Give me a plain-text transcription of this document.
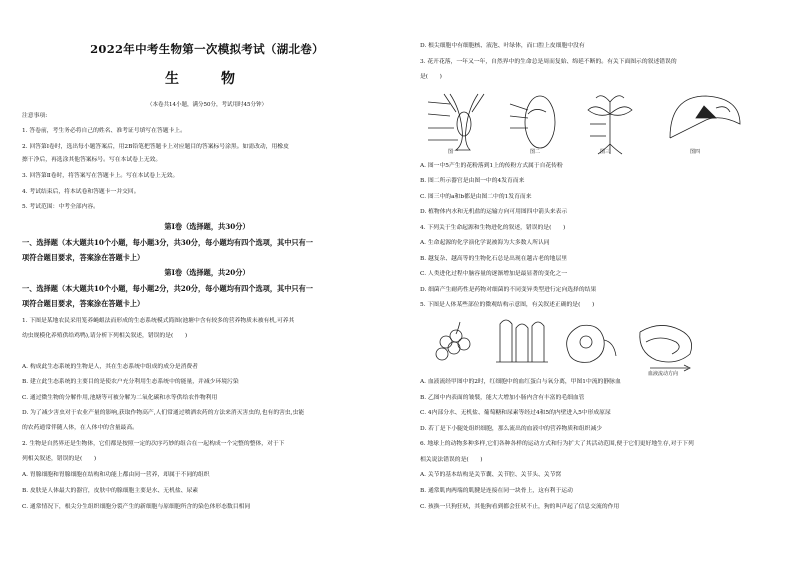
2022年中考生物第一次模拟考试（湖北卷）
生　物
（本卷共14小题，满分50分，考试用时45分钟）
注意事项:
1. 答卷前，考生务必将自己的姓名、准考证号填写在答题卡上。
2. 回答第Ⅰ卷时，选出每小题答案后，用2B铅笔把答题卡上对应题目的答案标号涂黑。如需改动，用橡皮
擦干净后，再选涂其他答案标号。写在本试卷上无效。
3. 回答第Ⅱ卷时，将答案写在答题卡上。写在本试卷上无效。
4. 考试结束后，将本试卷和答题卡一并交回。
5. 考试范围：中考全部内容。
第Ⅰ卷（选择题，共30分）
一、选择题（本大题共10个小题，每小题3分，共30分，每小题均有四个选项，其中只有一
项符合题目要求，答案涂在答题卡上）
第Ⅰ卷（选择题，共20分）
一、选择题（本大题共10个小题，每小题2分，共20分，每小题均有四个选项，其中只有一
项符合题目要求，答案涂在答题卡上）
1. 下图是某地农民采用笼养蝇蛆法而形成的生态系统模式简图(池塘中含有较多的营养物质未被有机,可养其
幼虫规模化养殖供给鸡鸭),请分析下列相关叙述，错误的是(　　)
A. 构成此生态系统的生物是人，其在生态系统中组成的成分是消费者
B. 建立此生态系统的主要目的是使农户充分利用生态系统中的能量，并减少环境污染
C. 通过微生物的分解作用,池塘等可被分解为二氧化碳和水等供给农作物利用
D. 为了减少害虫对于农业产量的影响,获取作物高产,人们常通过喷洒农药的方法来消灭害虫的,也有的害虫,虫能
的农药通常伴随人体，在人体中的含量最高。
2. 生物是自然界还是生物体，它们都是按照一定的次序巧妙的组合在一起构成一个完整的整体，对于下
列相关叙述，错误的是(　　)
A. 胃腺细胞和胃腺细胞在结构和功能上都由同一营养，却属于不同的组织
B. 皮肤是人体最大的器官，皮肤中的腺细胞主要是水、无机盐、尿素
C. 通常情况下，根尖分生组织细胞分裂产生的新细胞与原细胞所含的染色体形态数目相同
D. 根尖细胞中有细胞核、液泡、叶绿体，而口腔上皮细胞中没有
3. 花开花落，一年又一年，自然界中的生命总是周而复始、绵延不断的。有关下面图示的叙述错误的
是(　　)
图一	图二	图三	图四
A. 图一中5产生的花粉落到1上的传粉方式属于自花传粉
B. 图二所示器官是由图一中的4发育而来
C. 图三中的a和b都是由图二中的1发育而来
D. 植物体内水和无机盐的运输方向可用图四中箭头来表示
4. 下列关于生命起源和生物进化的叙述，错误的是(　　)
A. 生命起源的化学演化学说被海为大多数人所认同
B. 越复杂、越高等的生物化石总是出现在越古老的地层里
C. 人类进化过程中脑容量的逐渐增加是最显著的变化之一
D. 细菌产生耐药性是药物对细菌的不同变异类型进行定向选择的结果
5. 下图是人体某些部位的微观结构示意图，有关叙述正确的是(　　)
血液流动方向
A. 血液流经甲图中的2时，红细胞中的血红蛋白与氧分离，甲图1中流的静脉血
B. 乙图中内表面的皱襞，能大大增加小肠内含有丰富的毛细血管
C. 4内部分水、无机盐、葡萄糖和尿素等经过4和5的内壁进入5中形成原尿
D. 若丁是下小腿处组织细胞，那么流出的血液中的营养物质和组织减少
6. 地球上的动物多种多样,它们各种各样的运动方式和行为扩大了其活动范围,便于它们更好地生存,对于下列
相关说法错误的是(　　)
A. 关节的基本结构是关节囊、关节腔、关节头、关节窝
B. 通常肌肉两端的肌腱是连接在同一块骨上，这有利于运动
C. 孩换一只狗狂吠，其他狗看到都会狂吠不止，狗的叫声起了信息交流的作用
